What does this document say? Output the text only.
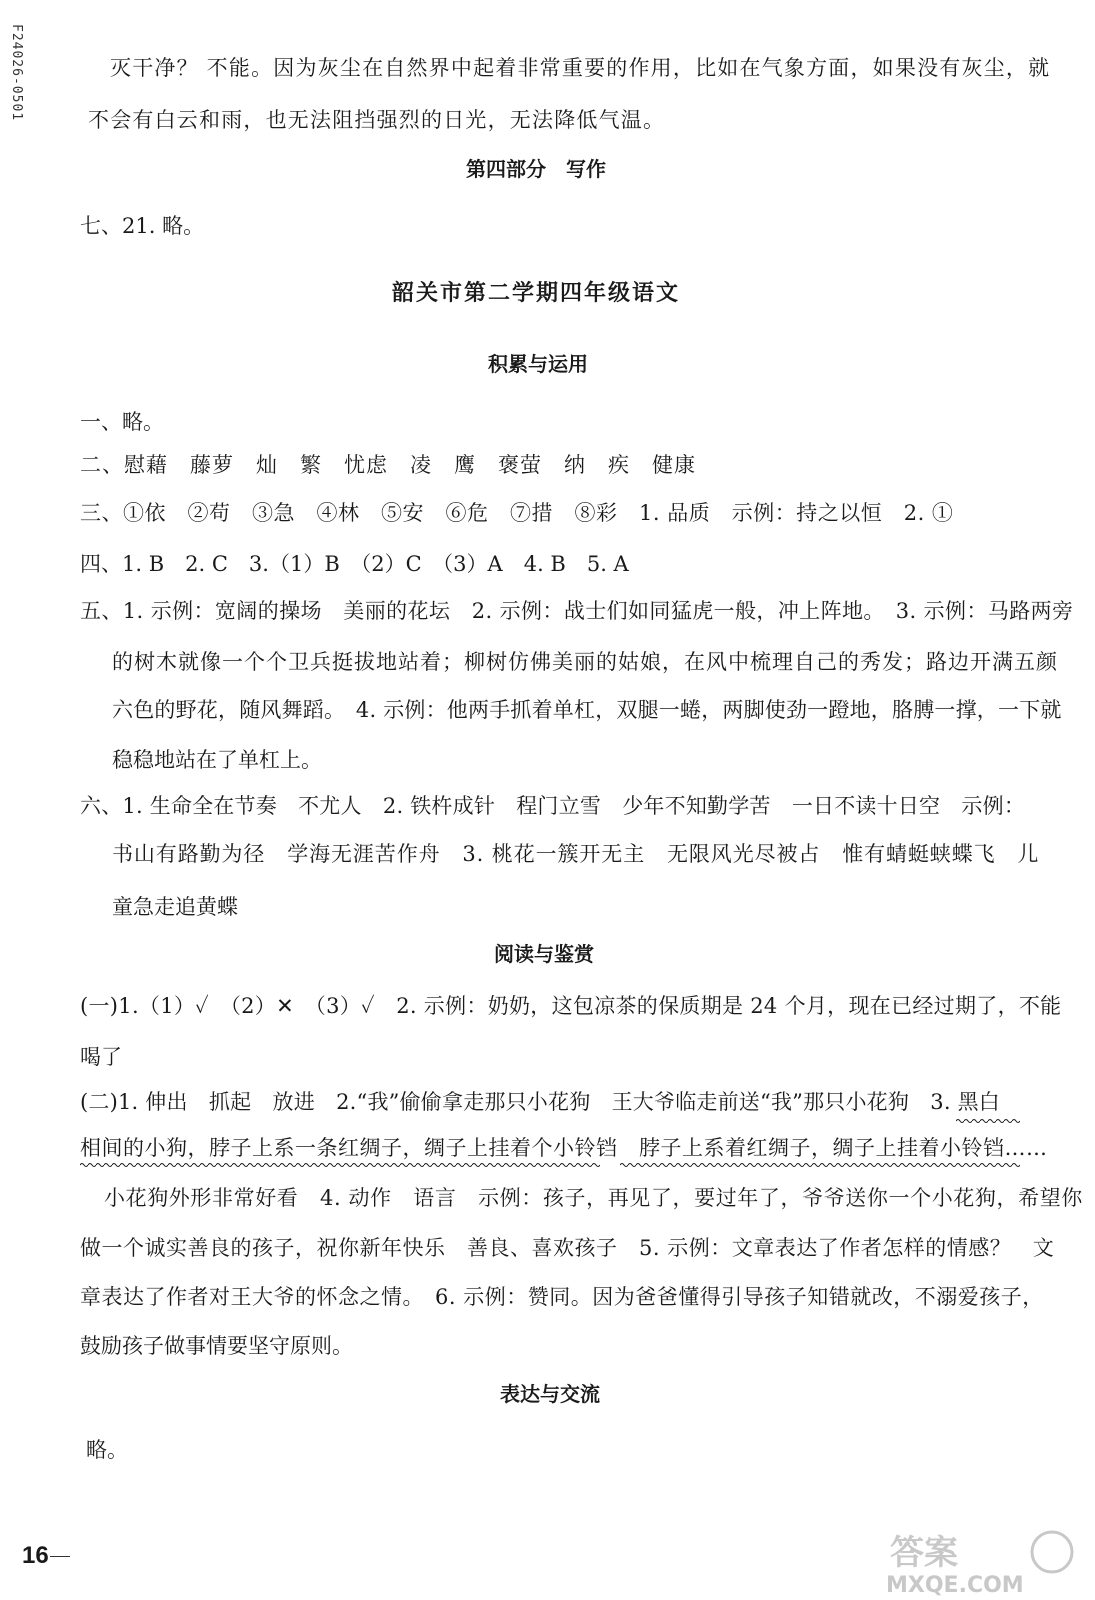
F24026-0501	灭干净？ 不能。因为灰尘在自然界中起着非常重要的作用，比如在气象方面，如果没有灰尘，就
不会有白云和雨，也无法阻挡强烈的日光，无法降低气温。
第四部分　写作
七、21. 略。
韶关市第二学期四年级语文
积累与运用
一、略。
二、慰藉　藤萝　灿　繁　忧虑　凌　鹰　褒萤　纳　疾　健康
三、①依　②苟　③急　④林　⑤安　⑥危　⑦措　⑧彩　1. 品质　示例：持之以恒　2. ①
四、1. B　2. C　3.（1）B　（2）C　（3）A　4. B　5. A
五、1. 示例：宽阔的操场　美丽的花坛　2. 示例：战士们如同猛虎一般，冲上阵地。　3. 示例：马路两旁
的树木就像一个个卫兵挺拔地站着；柳树仿佛美丽的姑娘，在风中梳理自己的秀发；路边开满五颜
六色的野花，随风舞蹈。　4. 示例：他两手抓着单杠，双腿一蜷，两脚使劲一蹬地，胳膊一撑，一下就
稳稳地站在了单杠上。
六、1. 生命全在节奏　不尤人　2. 铁杵成针　程门立雪　少年不知勤学苦　一日不读十日空　示例：
书山有路勤为径　学海无涯苦作舟　3. 桃花一簇开无主　无限风光尽被占　惟有蜻蜓蛱蝶飞　儿
童急走追黄蝶
阅读与鉴赏
(一)1.（1）✓　（2）✕　（3）✓　2. 示例：奶奶，这包凉茶的保质期是 24 个月，现在已经过期了，不能
喝了
(二)1. 伸出　抓起　放进　2.“我”偷偷拿走那只小花狗　王大爷临走前送“我”那只小花狗　3. 黑白
相间的小狗，脖子上系一条红绸子，绸子上挂着个小铃铛　脖子上系着红绸子，绸子上挂着小铃铛……
小花狗外形非常好看　4. 动作　语言　示例：孩子，再见了，要过年了，爷爷送你一个小花狗，希望你
做一个诚实善良的孩子，祝你新年快乐　善良、喜欢孩子　5. 示例：文章表达了作者怎样的情感？　文
章表达了作者对王大爷的怀念之情。　6. 示例：赞同。因为爸爸懂得引导孩子知错就改，不溺爱孩子，
鼓励孩子做事情要坚守原则。
表达与交流
略。
16	答案
MXQE.COM
